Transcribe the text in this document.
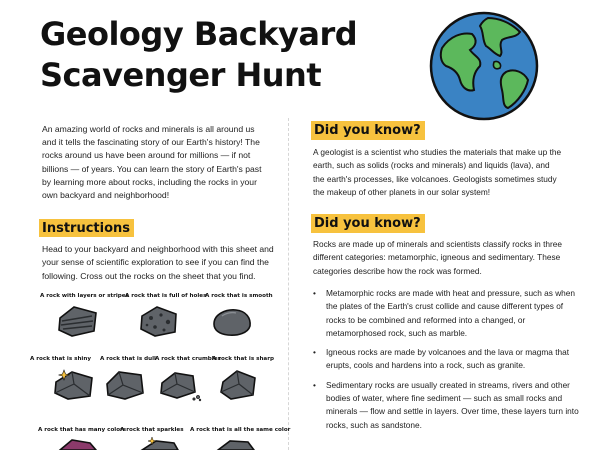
Geology Backyard
Scavenger Hunt

An amazing world of rocks and minerals is all around us and it tells the fascinating story of our Earth's history! The rocks around us have been around for millions — if not billions — of years. You can learn the story of Earth's past by learning more about rocks, including the rocks in your own backyard and neighborhood!

Instructions

Head to your backyard and neighborhood with this sheet and your sense of scientific exploration to see if you can find the following. Cross out the rocks on the sheet that you find.

A rock with layers or stripes
A rock that is full of holes
A rock that is smooth
A rock that is shiny A rock that is dull A rock that crumbles
A rock that is sharp
A rock that has many colors
A rock that sparkles A rock that is all the same color
Did you know?

A geologist is a scientist who studies the materials that make up the earth, such as solids (rocks and minerals) and liquids (lava), and the earth's processes, like volcanoes. Geologists sometimes study the makeup of other planets in our solar system!

Did you know?

Rocks are made up of minerals and scientists classify rocks in three different categories: metamorphic, igneous and sedimentary. These categories describe how the rock was formed.

• Metamorphic rocks are made with heat and pressure, such as when the plates of the Earth's crust collide and cause different types of rocks to be combined and reformed into a changed, or metamorphosed rock, such as marble.
• Igneous rocks are made by volcanoes and the lava or magma that erupts, cools and hardens into a rock, such as granite.
• Sedimentary rocks are usually created in streams, rivers and other bodies of water, where fine sediment — such as small rocks and minerals — flow and settle in layers. Over time, these layers turn into rocks, such as sandstone.
